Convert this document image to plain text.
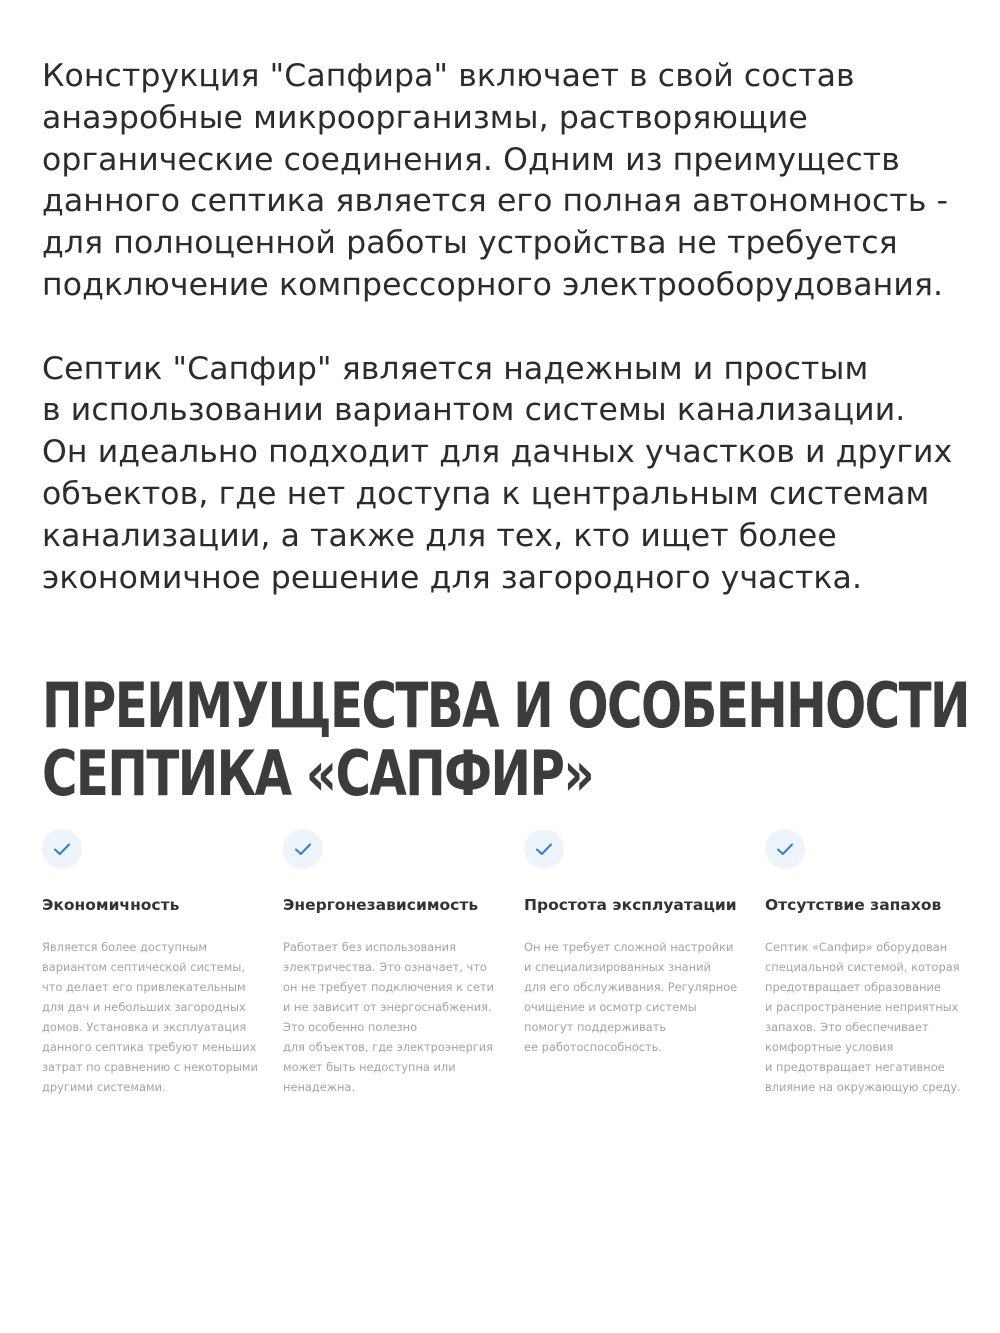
Конструкция "Сапфира" включает в свой состав
анаэробные микроорганизмы, растворяющие
органические соединения. Одним из преимуществ
данного септика является его полная автономность -
для полноценной работы устройства не требуется
подключение компрессорного электрооборудования.

Септик "Сапфир" является надежным и простым
в использовании вариантом системы канализации.
Он идеально подходит для дачных участков и других
объектов, где нет доступа к центральным системам
канализации, а также для тех, кто ищет более
экономичное решение для загородного участка.

ПРЕИМУЩЕСТВА И ОСОБЕННОСТИ
СЕПТИКА «САПФИР»
Экономичность

Является более доступным
вариантом септической системы,
что делает его привлекательным
для дач и небольших загородных
домов. Установка и эксплуатация
данного септика требуют меньших
затрат по сравнению с некоторыми
другими системами.

Энергонезависимость

Работает без использования
электричества. Это означает, что
он не требует подключения к сети
и не зависит от энергоснабжения.
Это особенно полезно
для объектов, где электроэнергия
может быть недоступна или
ненадежна.

Простота эксплуатации

Он не требует сложной настройки
и специализированных знаний
для его обслуживания. Регулярное
очищение и осмотр системы
помогут поддерживать
ее работоспособность.

Отсутствие запахов

Септик «Сапфир» оборудован
специальной системой, которая
предотвращает образование
и распространение неприятных
запахов. Это обеспечивает
комфортные условия
и предотвращает негативное
влияние на окружающую среду.
